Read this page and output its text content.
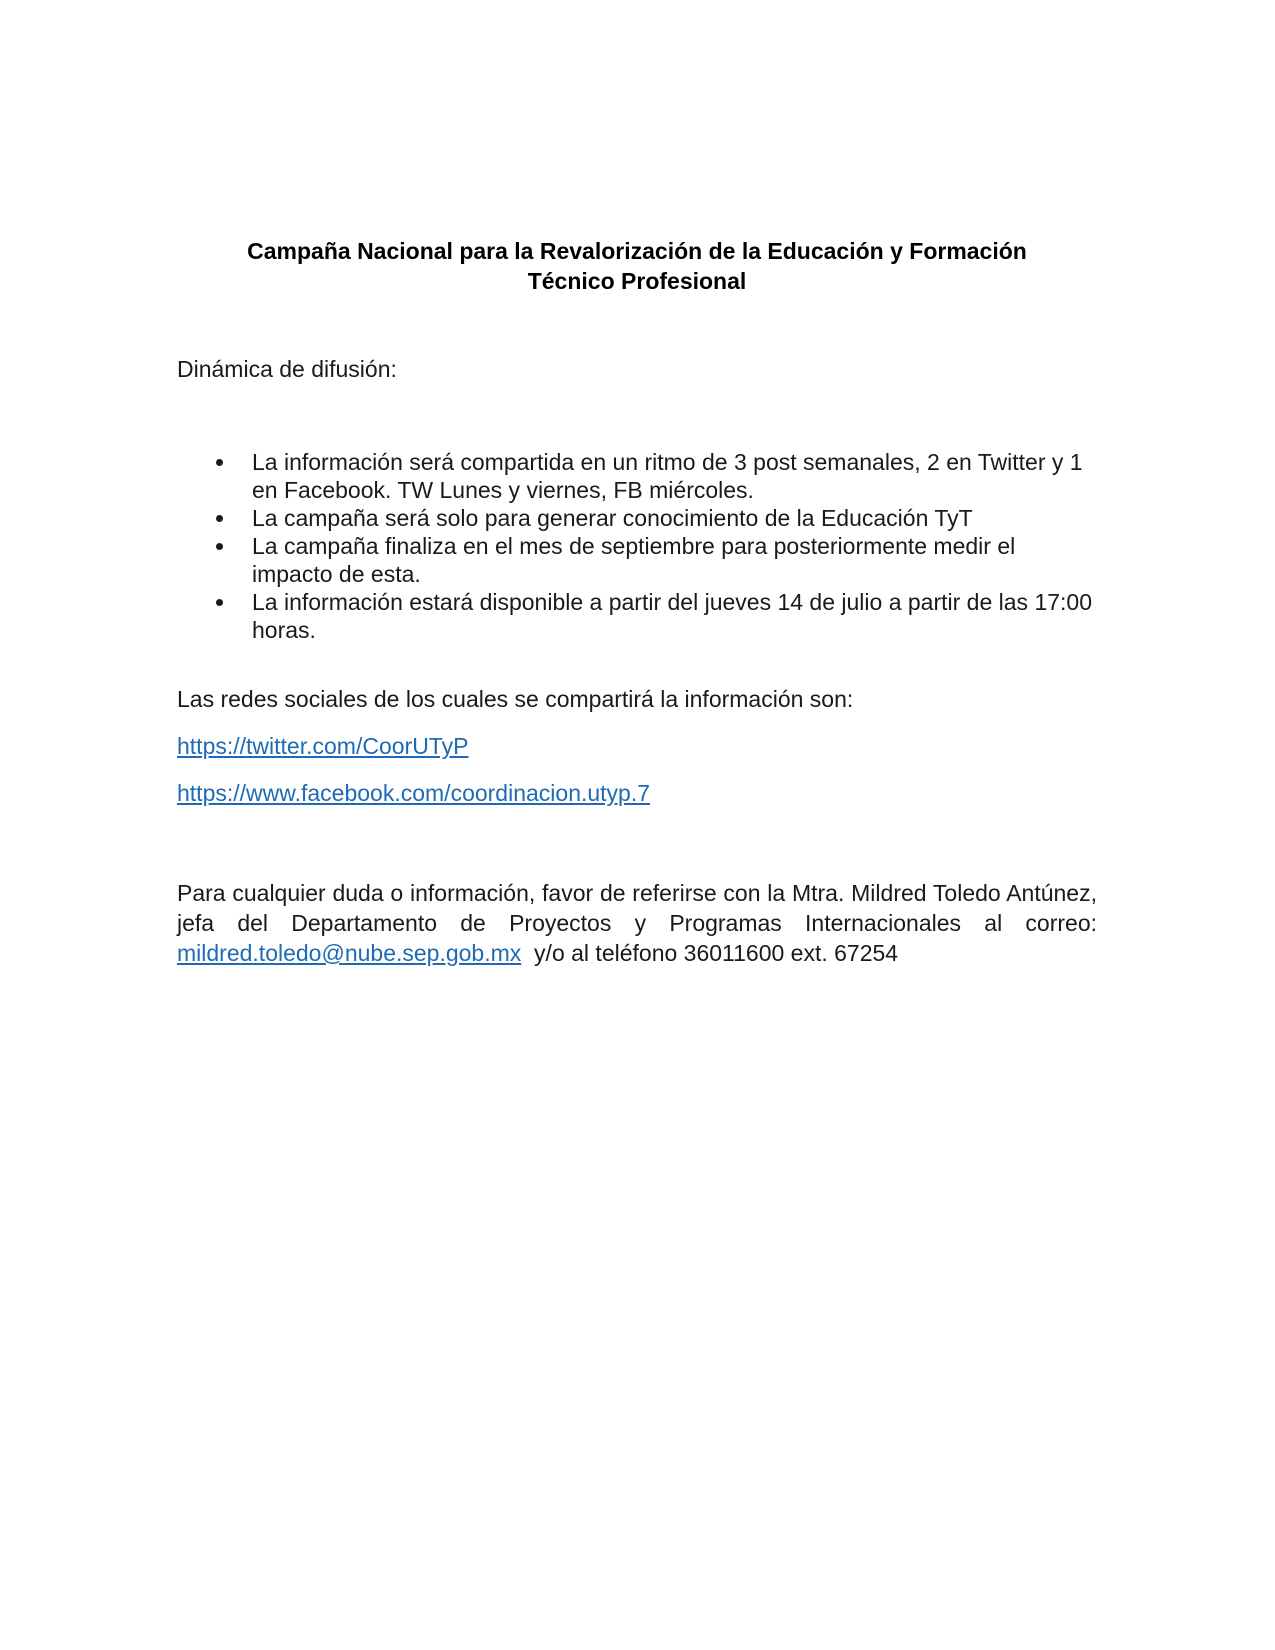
Campaña Nacional para la Revalorización de la Educación y Formación
Técnico Profesional

Dinámica de difusión:

La información será compartida en un ritmo de 3 post semanales, 2 en Twitter y 1 en Facebook. TW Lunes y viernes, FB miércoles.
La campaña será solo para generar conocimiento de la Educación TyT
La campaña finaliza en el mes de septiembre para posteriormente medir el impacto de esta.
La información estará disponible a partir del jueves 14 de julio a partir de las 17:00 horas.

Las redes sociales de los cuales se compartirá la información son:

https://twitter.com/CoorUTyP

https://www.facebook.com/coordinacion.utyp.7

Para cualquier duda o información, favor de referirse con la Mtra. Mildred Toledo Antúnez, jefa del Departamento de Proyectos y Programas Internacionales al correo: mildred.toledo@nube.sep.gob.mx  y/o al teléfono 36011600 ext. 67254
